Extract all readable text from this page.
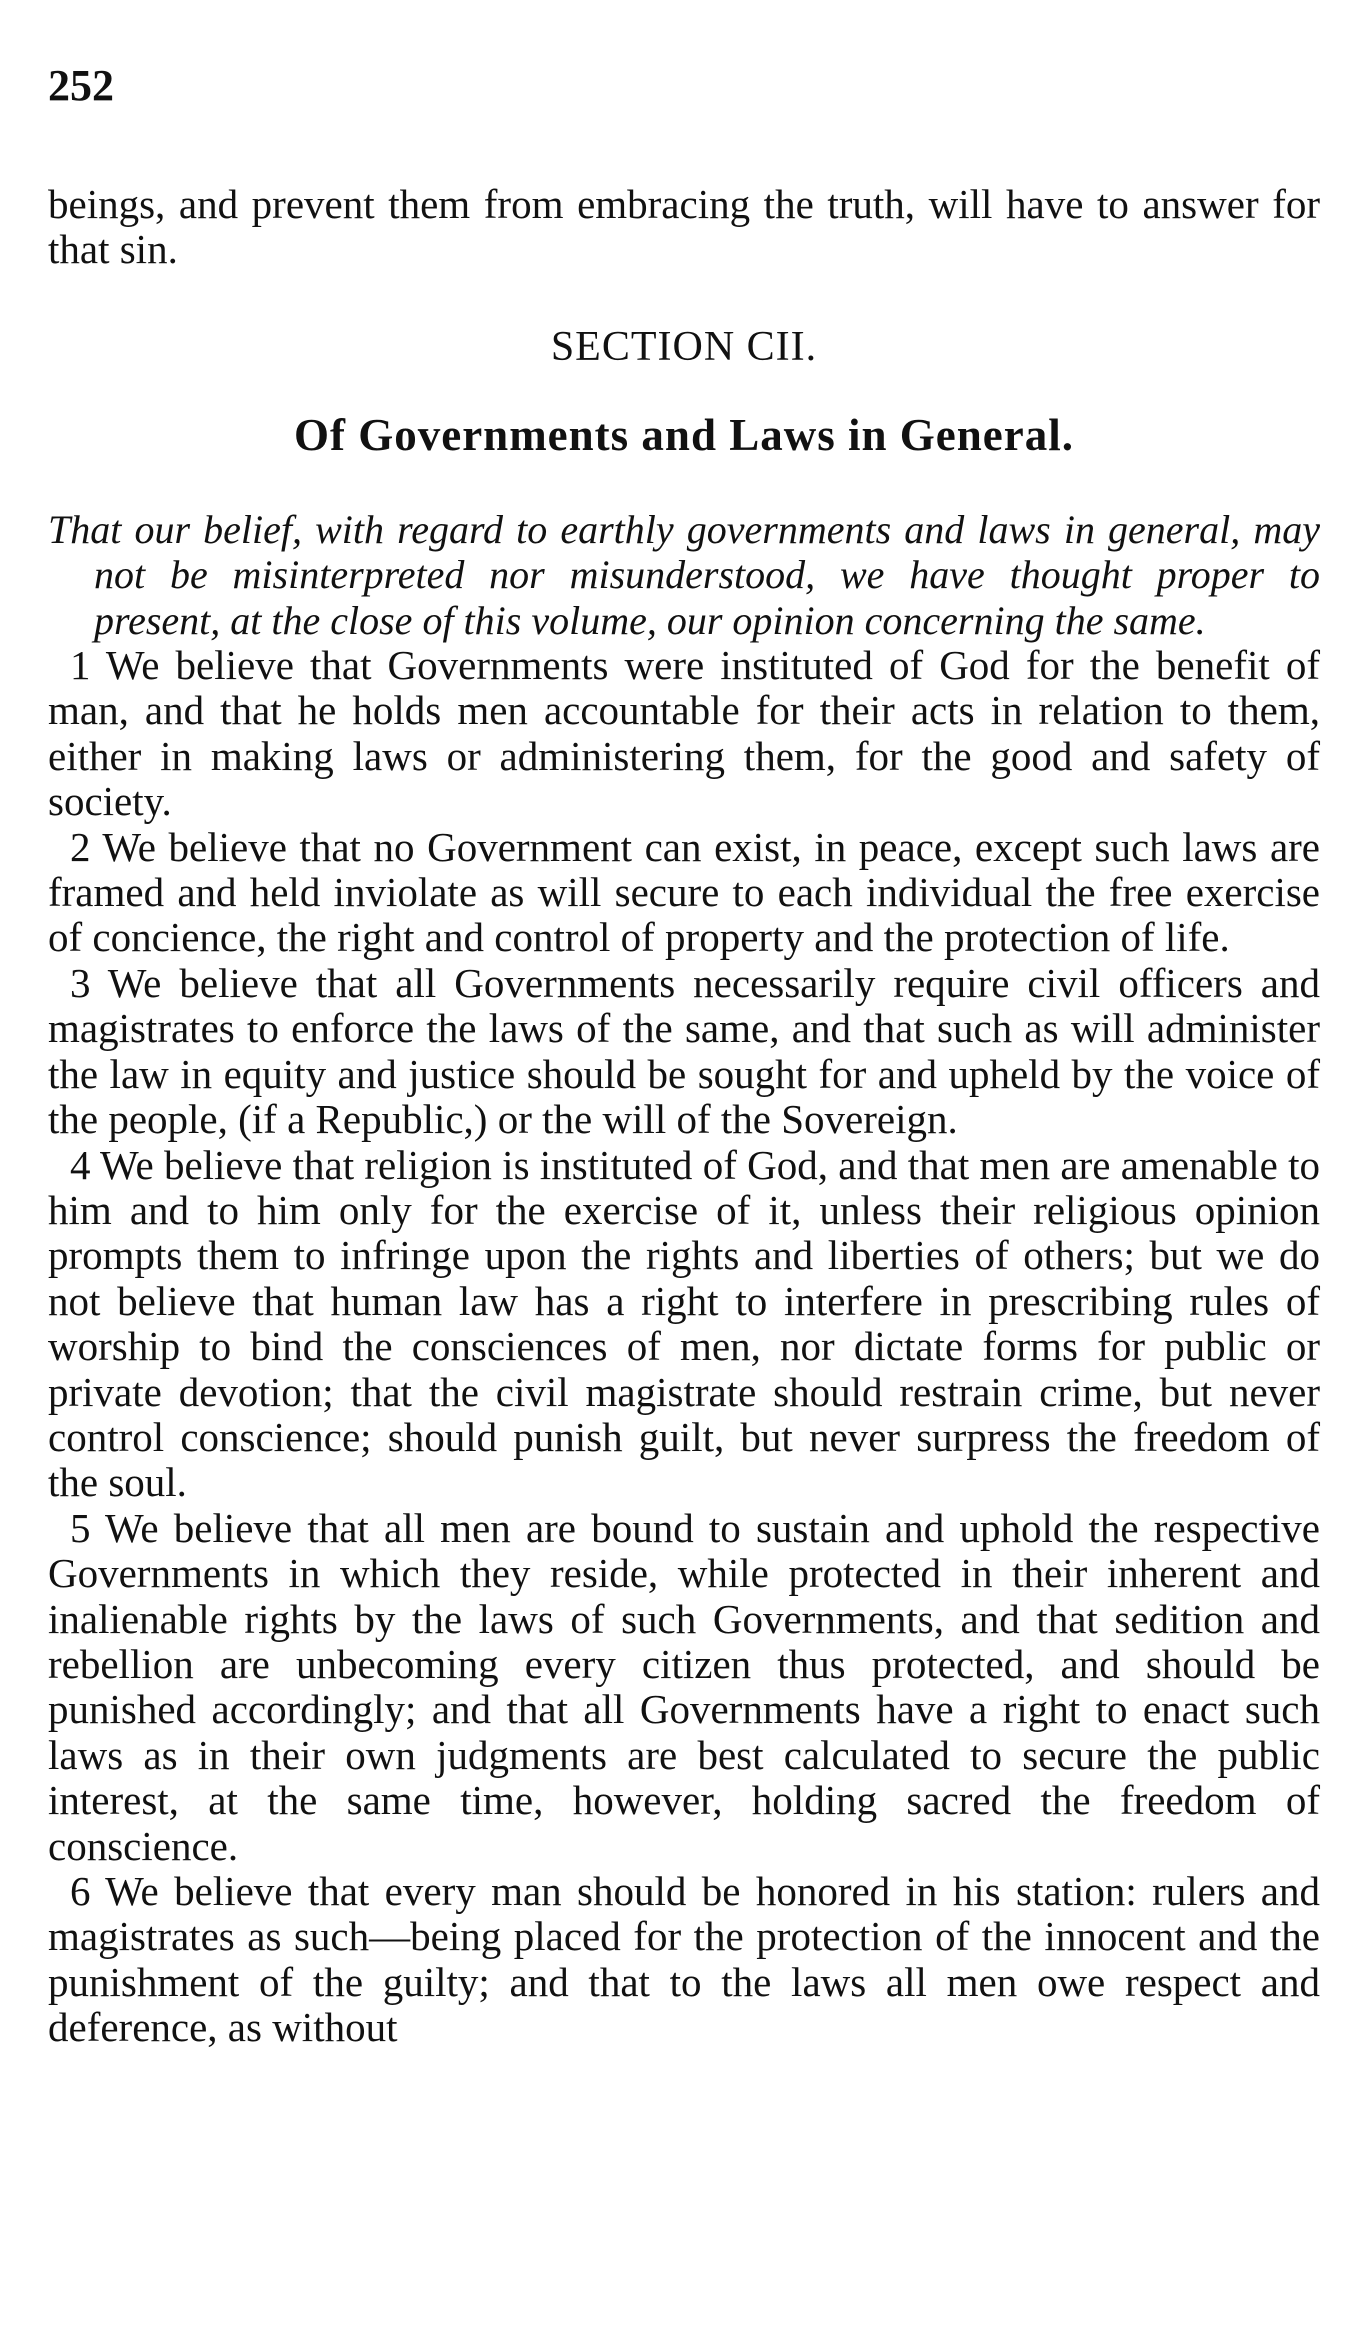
252

beings, and prevent them from embracing the truth, will have to answer for that sin.

SECTION CII.
Of Governments and Laws in General.

That our belief, with regard to earthly governments and laws in general, may not be misinterpreted nor misunderstood, we have thought proper to present, at the close of this volume, our opinion concerning the same.

1 We believe that Governments were instituted of God for the benefit of man, and that he holds men accountable for their acts in relation to them, either in making laws or administering them, for the good and safety of society.

2 We believe that no Government can exist, in peace, except such laws are framed and held inviolate as will secure to each individual the free exercise of concience, the right and control of property and the protection of life.

3 We believe that all Governments necessarily require civil officers and magistrates to enforce the laws of the same, and that such as will administer the law in equity and justice should be sought for and upheld by the voice of the people, (if a Republic,) or the will of the Sovereign.

4 We believe that religion is instituted of God, and that men are amenable to him and to him only for the exercise of it, unless their religious opinion prompts them to infringe upon the rights and liberties of others; but we do not believe that human law has a right to interfere in prescribing rules of worship to bind the consciences of men, nor dictate forms for public or private devotion; that the civil magistrate should restrain crime, but never control conscience; should punish guilt, but never surpress the freedom of the soul.

5 We believe that all men are bound to sustain and uphold the respective Governments in which they reside, while protected in their inherent and inalienable rights by the laws of such Governments, and that sedition and rebellion are unbecoming every citizen thus protected, and should be punished accordingly; and that all Governments have a right to enact such laws as in their own judgments are best calculated to secure the public interest, at the same time, however, holding sacred the freedom of conscience.

6 We believe that every man should be honored in his station: rulers and magistrates as such—being placed for the protection of the innocent and the punishment of the guilty; and that to the laws all men owe respect and deference, as without
